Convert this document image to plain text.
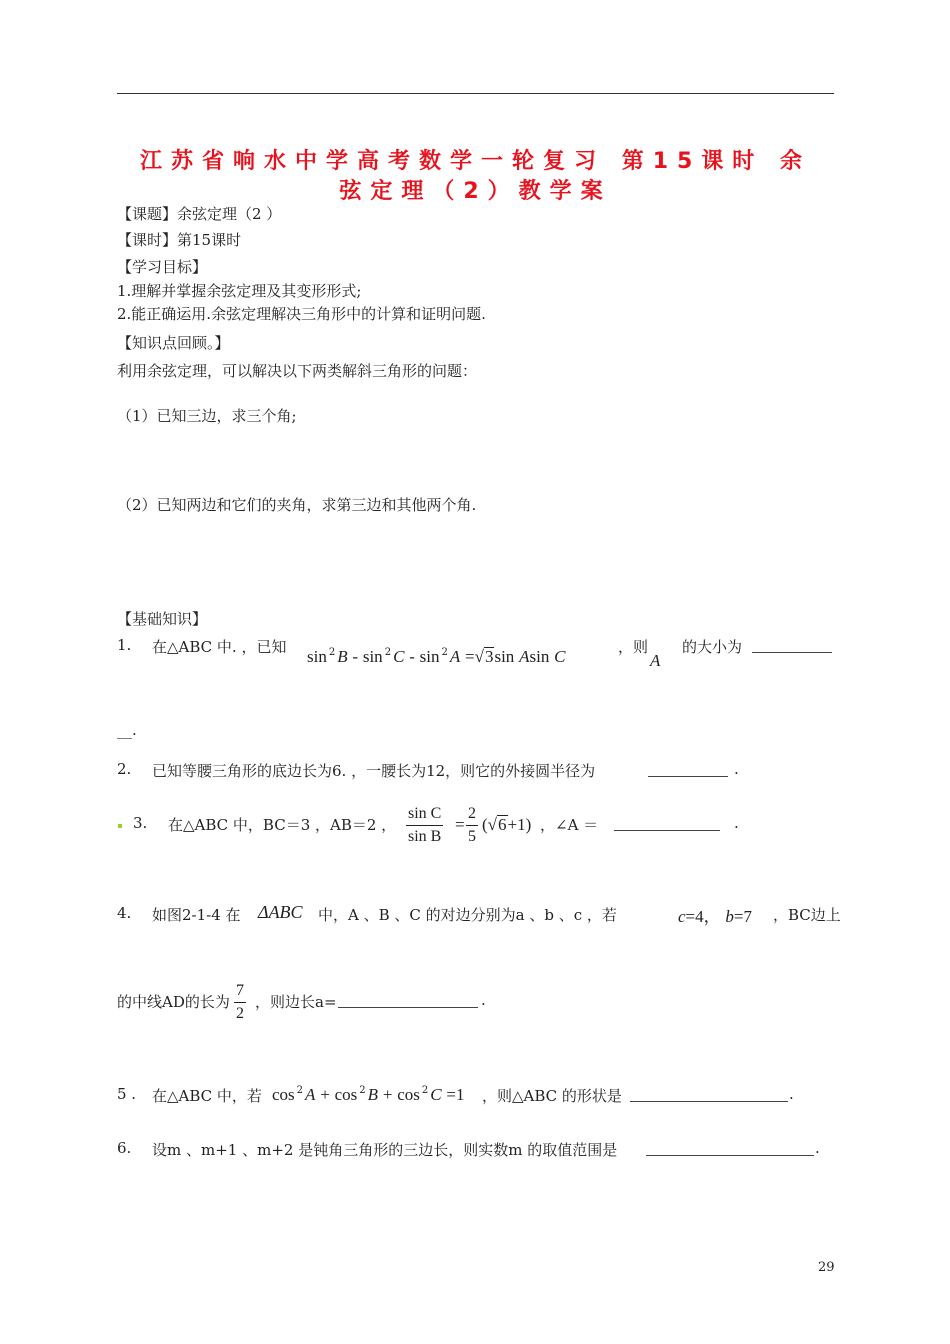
江苏省响水中学高考数学一轮复习 第15课时 余
弦定理（2）教学案
【课题】余弦定理（2 ）
【课时】第15课时
【学习目标】
1.理解并掌握余弦定理及其变形形式;
2.能正确运用.余弦定理解决三角形中的计算和证明问题.
【知识点回顾。】
利用余弦定理，可以解决以下两类解斜三角形的问题：
（1）已知三边，求三个角;
（2）已知两边和它们的夹角，求第三边和其他两个角.
【基础知识】
1. 在△ABC 中. ，已知 sin $^2$ B - sin $^2$ C - sin $^2$ A =√3sin Asin C	，则
A
的大小为
__.
2. 已知等腰三角形的底边长为6. ，一腰长为12，则它的外接圆半径为	.
3. 在△ABC 中，BC＝3 ，AB＝2 ， $\frac{\text{sin C}}{\text{sin B}} = \frac{2}{5} (√6+1)$ ，∠A ＝	.
4. 如图2-1-4 在 ΔABC 中，A 、B 、C 的对边分别为a 、b 、c ，若	c=4， b=7 ，BC边上
的中线AD的长为 $\frac{7}{2}$ ，则边长a=	.
5 . 在△ABC 中，若 cos $^2$ A + cos $^2$ B + cos $^2$ C =1 ，则△ABC 的形状是	.
6. 设m 、m+1 、m+2 是钝角三角形的三边长，则实数m 的取值范围是	.
29
